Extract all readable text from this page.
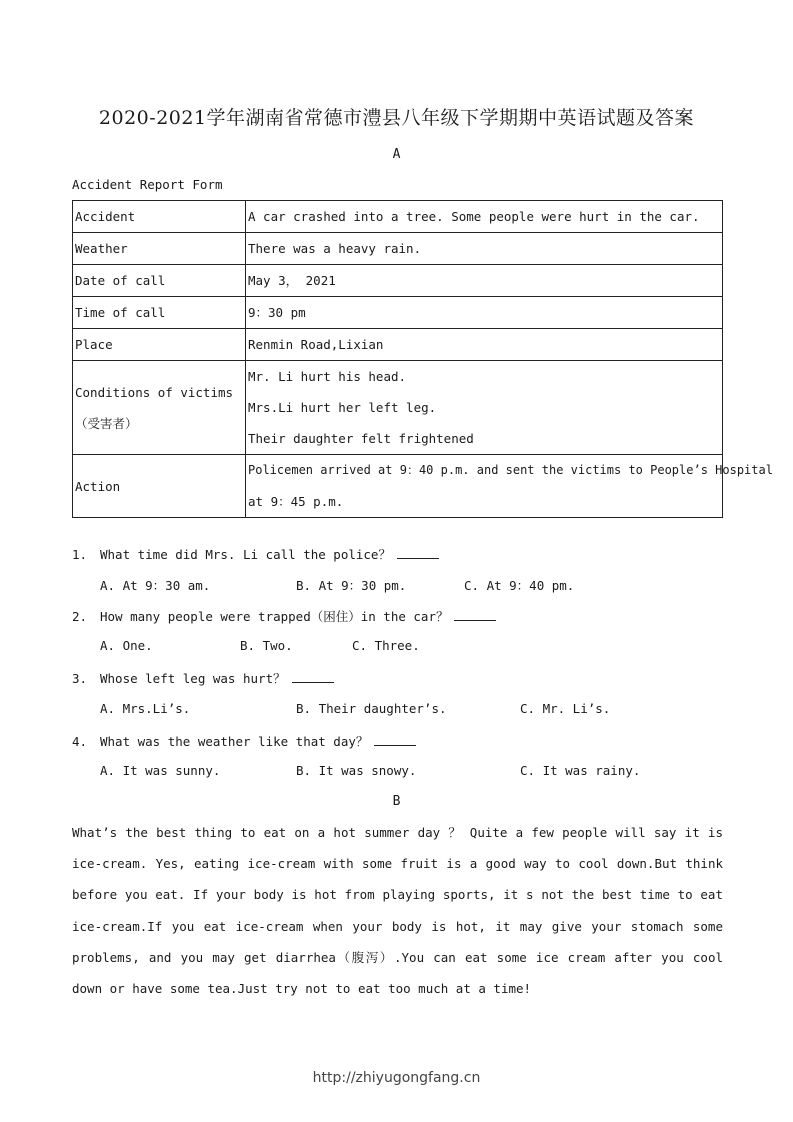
2020-2021学年湖南省常德市澧县八年级下学期期中英语试题及答案
A
Accident Report Form
Accident	A car crashed into a tree. Some people were hurt in the car.
Weather	There was a heavy rain.
Date of call	May 3， 2021
Time of call	9：30 pm
Place	Renmin Road,Lixian
Conditions of victims（受害者）	Mr. Li hurt his head.
Mrs.Li hurt her left leg.
Their daughter felt frightened

Action	Policemen arrived at 9：40 p.m. and sent the victims to People’s Hospital
at 9：45 p.m.
1. What time did Mrs. Li call the police？
A. At 9：30 am.	B. At 9：30 pm.	C. At 9：40 pm.
2. How many people were trapped（困住）in the car？
A. One.	B. Two.	C. Three.
3. Whose left leg was hurt？
A. Mrs.Li’s.	B. Their daughter’s.	C. Mr. Li’s.
4. What was the weather like that day？
A. It was sunny.	B. It was snowy.	C. It was rainy.
B
What’s the best thing to eat on a hot summer day ？ Quite a few people will say it is ice-cream. Yes, eating ice-cream with some fruit is a good way to cool down.But think before you eat. If your body is hot from playing sports, it s not the best time to eat ice-cream.If you eat ice-cream when your body is hot, it may give your stomach some problems, and you may get diarrhea（腹泻）.You can eat some ice cream after you cool down or have some tea.Just try not to eat too much at a time!
http://zhiyugongfang.cn
